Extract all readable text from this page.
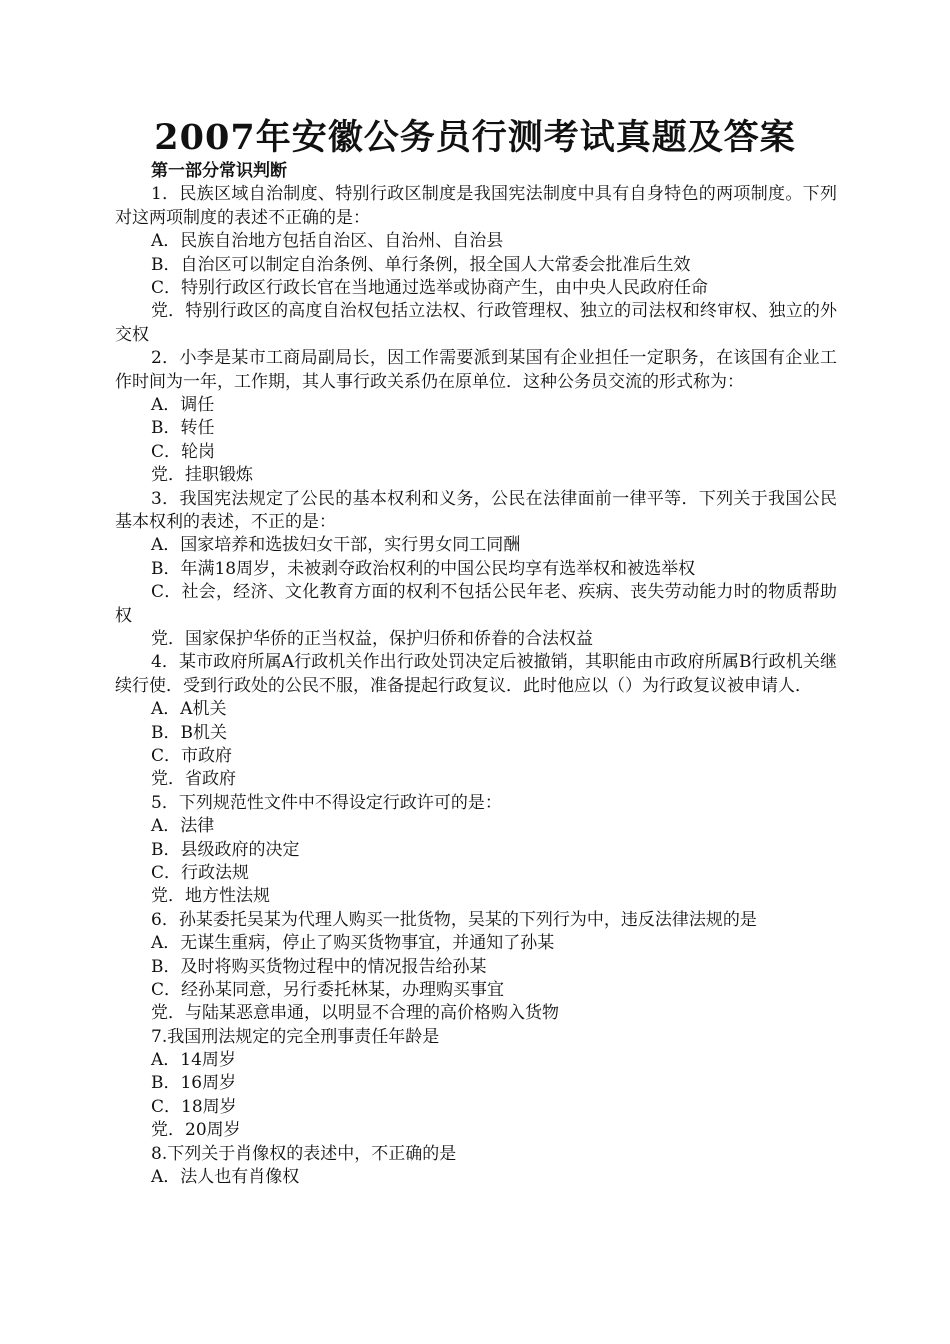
2007年安徽公务员行测考试真题及答案
第一部分常识判断
1．民族区域自治制度、特别行政区制度是我国宪法制度中具有自身特色的两项制度。下列对这两项制度的表述不正确的是：
A．民族自治地方包括自治区、自治州、自治县
B．自治区可以制定自治条例、单行条例，报全国人大常委会批准后生效
C．特别行政区行政长官在当地通过选举或协商产生，由中央人民政府任命
党．特别行政区的高度自治权包括立法权、行政管理权、独立的司法权和终审权、独立的外交权
2．小李是某市工商局副局长，因工作需要派到某国有企业担任一定职务，在该国有企业工作时间为一年，工作期，其人事行政关系仍在原单位．这种公务员交流的形式称为：
A．调任
B．转任
C．轮岗
党．挂职锻炼
3．我国宪法规定了公民的基本权利和义务，公民在法律面前一律平等．下列关于我国公民基本权利的表述，不正的是：
A．国家培养和选拔妇女干部，实行男女同工同酬
B．年满18周岁，未被剥夺政治权利的中国公民均享有选举权和被选举权
C．社会，经济、文化教育方面的权利不包括公民年老、疾病、丧失劳动能力时的物质帮助权
党．国家保护华侨的正当权益，保护归侨和侨眷的合法权益
4．某市政府所属A行政机关作出行政处罚决定后被撤销，其职能由市政府所属B行政机关继续行使．受到行政处的公民不服，准备提起行政复议．此时他应以（）为行政复议被申请人．
A．A机关
B．B机关
C．市政府
党．省政府
5．下列规范性文件中不得设定行政许可的是：
A．法律
B．县级政府的决定
C．行政法规
党．地方性法规
6．孙某委托吴某为代理人购买一批货物，吴某的下列行为中，违反法律法规的是
A．无谋生重病，停止了购买货物事宜，并通知了孙某
B．及时将购买货物过程中的情况报告给孙某
C．经孙某同意，另行委托林某，办理购买事宜
党．与陆某恶意串通，以明显不合理的高价格购入货物
7.我国刑法规定的完全刑事责任年龄是
A．14周岁
B．16周岁
C．18周岁
党．20周岁
8.下列关于肖像权的表述中，不正确的是
A．法人也有肖像权
